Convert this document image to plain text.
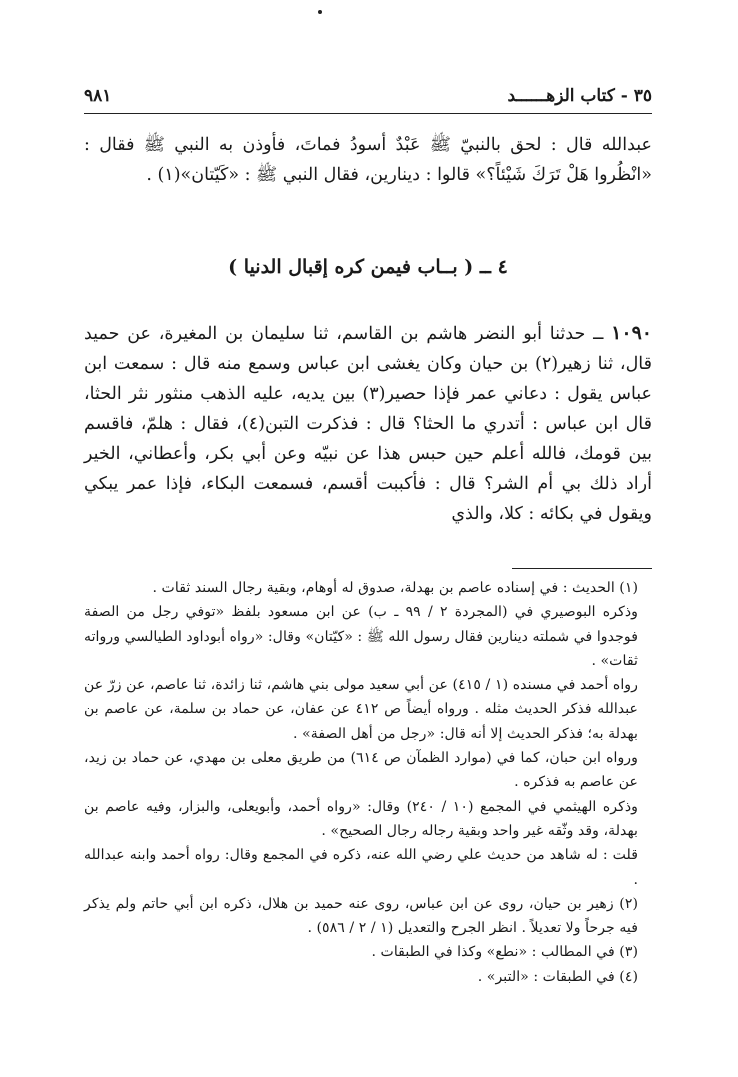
٣٥ - كتاب الزهــــــد
٩٨١
عبدالله قال : لحق بالنبيّ ﷺ عَبْدٌ أسودُ فماتَ، فأوذن به النبي ﷺ فقال : «انْظُروا هَلْ تَرَكَ شَيْئاً؟» قالوا : دينارين، فقال النبي ﷺ : «كَيّتان»(١) .
٤ ــ ( بــاب فيمن كره إقبال الدنيا )
١٠٩٠ ــ حدثنا أبو النضر هاشم بن القاسم، ثنا سليمان بن المغيرة، عن حميد قال، ثنا زهير(٢) بن حيان وكان يغشى ابن عباس وسمع منه قال : سمعت ابن عباس يقول : دعاني عمر فإذا حصير(٣) بين يديه، عليه الذهب منثور نثر الحثا، قال ابن عباس : أتدري ما الحثا؟ قال : فذكرت التبن(٤)، فقال : هلمّ، فاقسم بين قومك، فالله أعلم حين حبس هذا عن نبيّه وعن أبي بكر، وأعطاني، الخير أراد ذلك بي أم الشر؟ قال : فأكببت أقسم، فسمعت البكاء، فإذا عمر يبكي ويقول في بكائه : كلا، والذي

(١) الحديث : في إسناده عاصم بن بهدلة، صدوق له أوهام، وبقية رجال السند ثقات .

وذكره البوصيري في (المجردة ٢ / ٩٩ ـ ب) عن ابن مسعود بلفظ «توفي رجل من الصفة فوجدوا في شملته دينارين فقال رسول الله ﷺ : «كيّتان» وقال: «رواه أبوداود الطيالسي ورواته ثقات» .

رواه أحمد في مسنده (١ / ٤١٥) عن أبي سعيد مولى بني هاشم، ثنا زائدة، ثنا عاصم، عن زرّ عن عبدالله فذكر الحديث مثله . ورواه أيضاً ص ٤١٢ عن عفان، عن حماد بن سلمة، عن عاصم بن بهدلة به؛ فذكر الحديث إلا أنه قال: «رجل من أهل الصفة» .

ورواه ابن حبان، كما في (موارد الظمآن ص ٦١٤) من طريق معلى بن مهدي، عن حماد بن زيد، عن عاصم به فذكره .

وذكره الهيثمي في المجمع (١٠ / ٢٤٠) وقال: «رواه أحمد، وأبويعلى، والبزار، وفيه عاصم بن بهدلة، وقد وثّقه غير واحد وبقية رجاله رجال الصحيح» .

قلت : له شاهد من حديث علي رضي الله عنه، ذكره في المجمع وقال: رواه أحمد وابنه عبدالله .

(٢) زهير بن حيان، روى عن ابن عباس، روى عنه حميد بن هلال، ذكره ابن أبي حاتم ولم يذكر فيه جرحاً ولا تعديلاً . انظر الجرح والتعديل (١ / ٢ / ٥٨٦) .

(٣) في المطالب : «نطع» وكذا في الطبقات .

(٤) في الطبقات : «التبر» .
